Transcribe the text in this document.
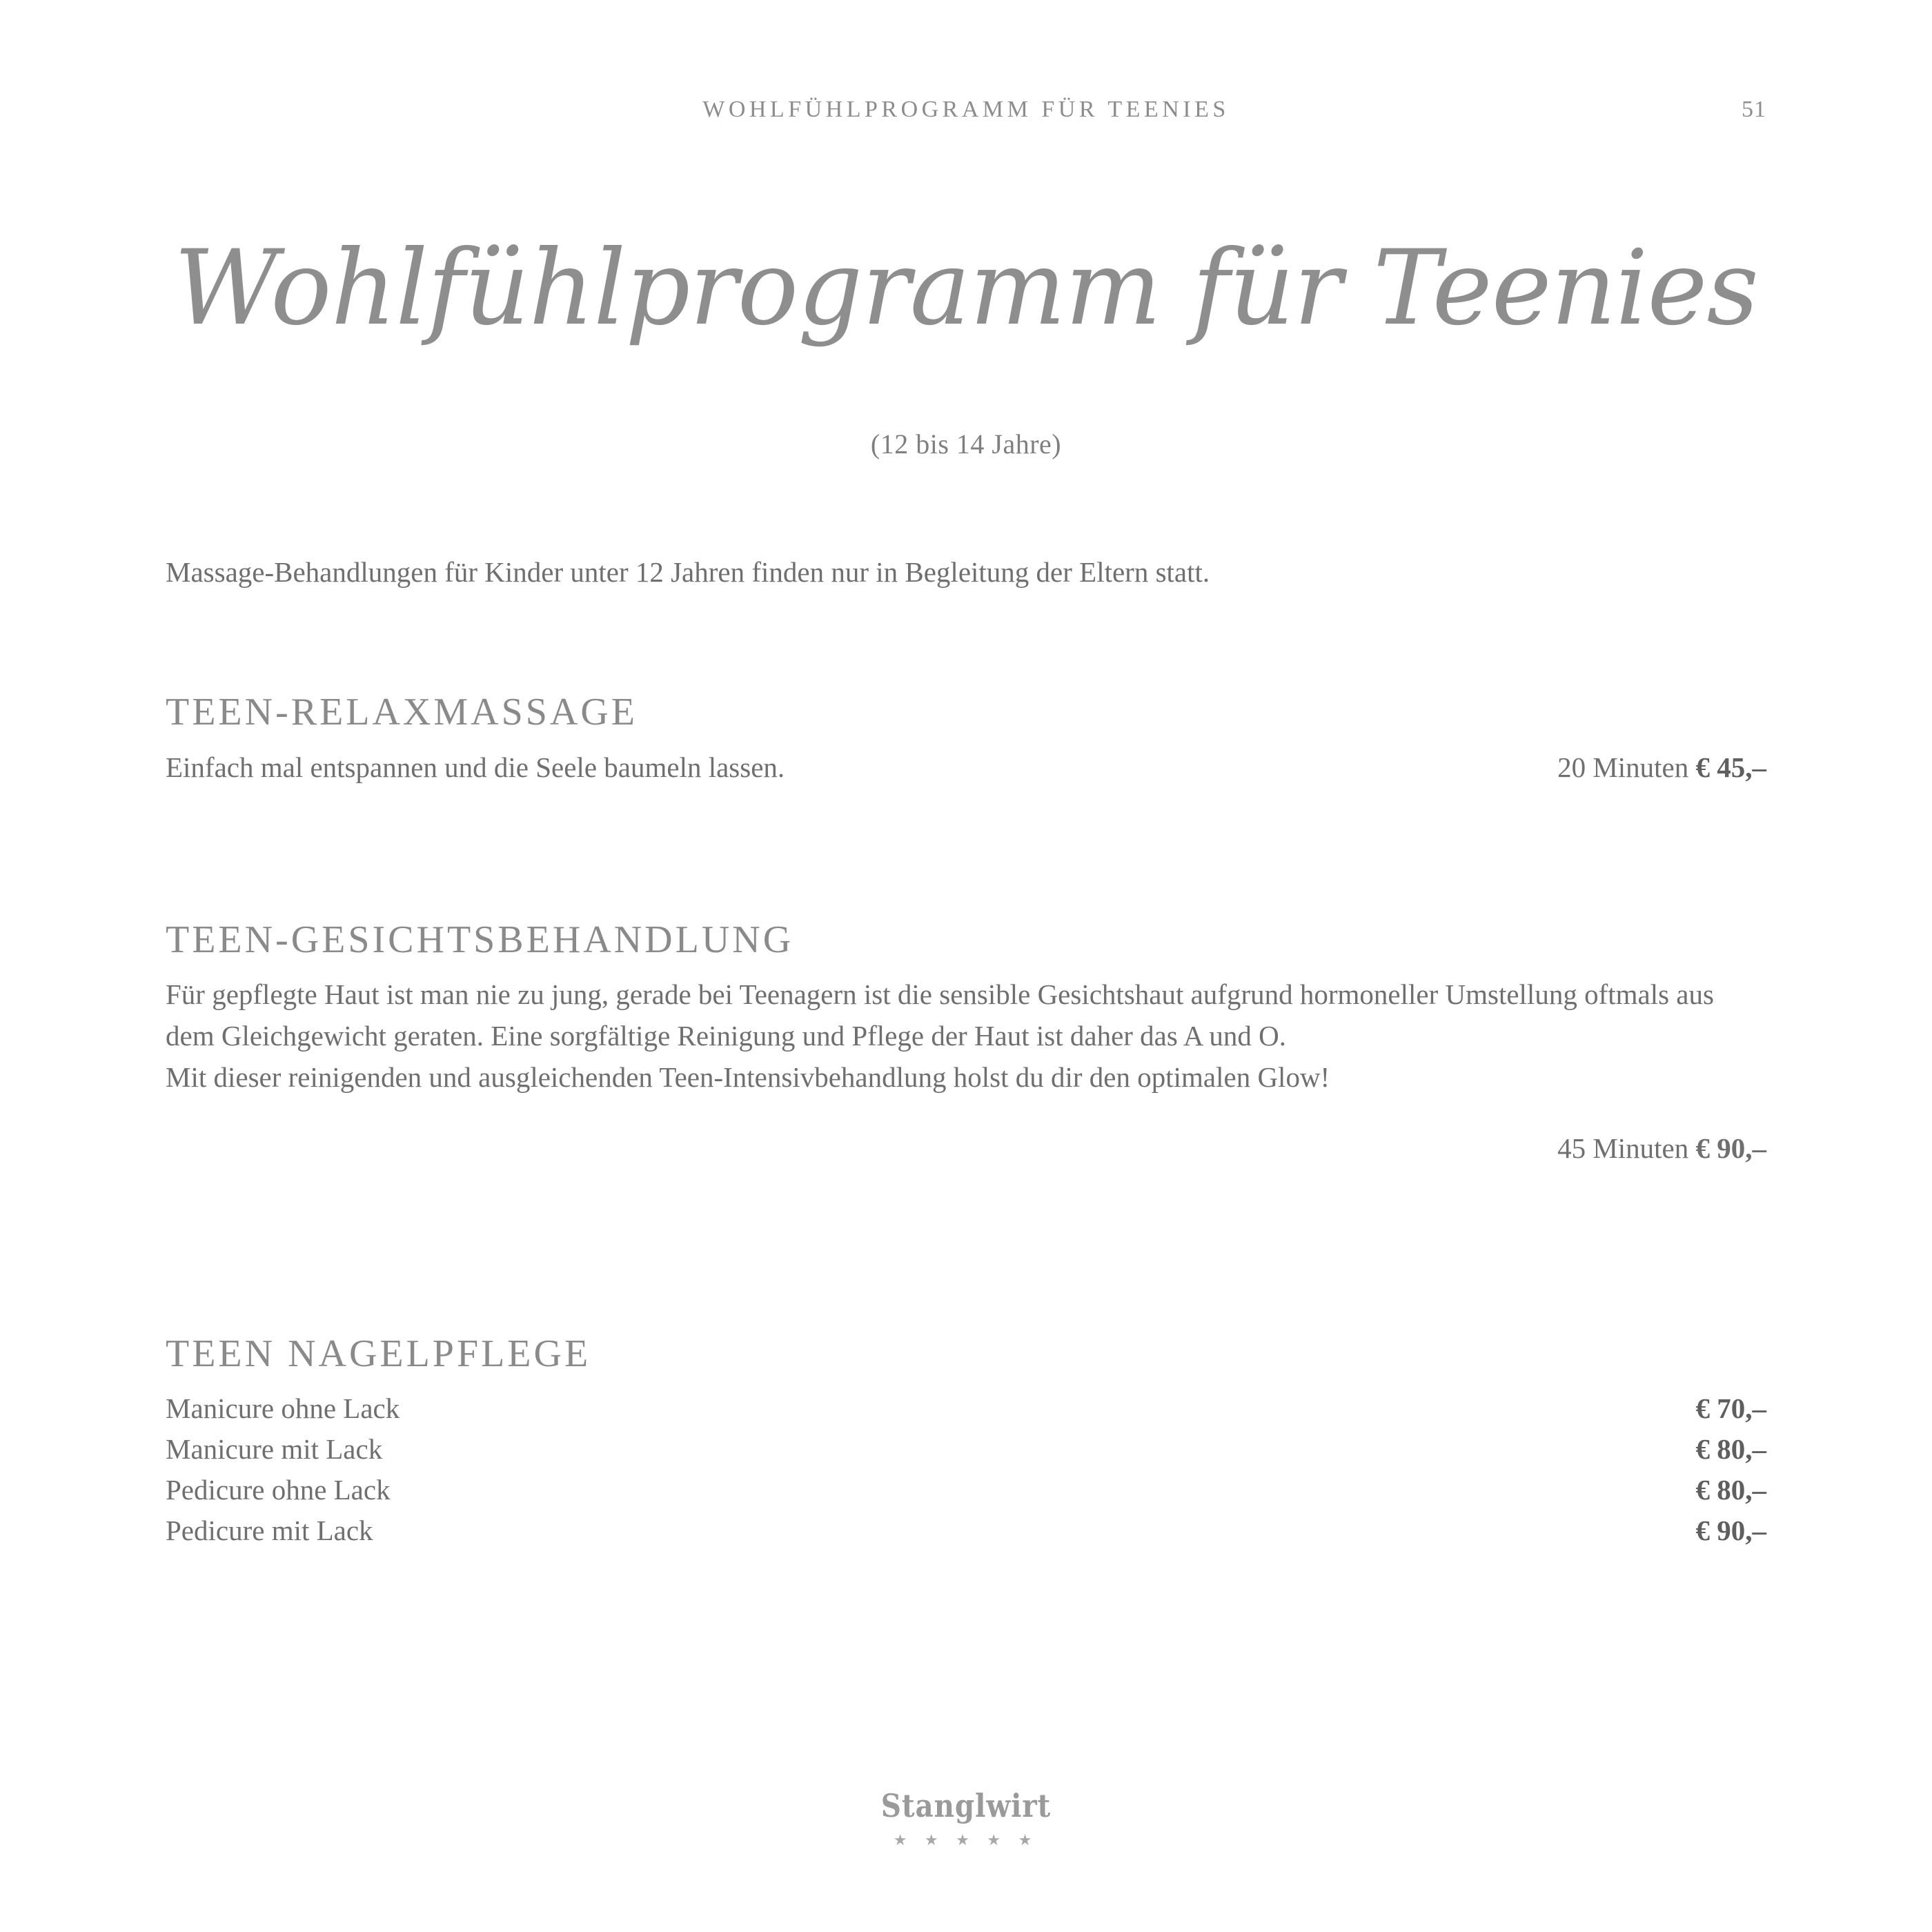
WOHLFÜHLPROGRAMM FÜR TEENIES	51
Wohlfühlprogramm für Teenies
(12 bis 14 Jahre)
Massage-Behandlungen für Kinder unter 12 Jahren finden nur in Begleitung der Eltern statt.
TEEN-RELAXMASSAGE
Einfach mal entspannen und die Seele baumeln lassen.	20 Minuten € 45,–
TEEN-GESICHTSBEHANDLUNG

Für gepflegte Haut ist man nie zu jung, gerade bei Teenagern ist die sensible Gesichtshaut aufgrund hormoneller Umstellung oftmals aus dem Gleichgewicht geraten. Eine sorgfältige Reinigung und Pflege der Haut ist daher das A und O.

Mit dieser reinigenden und ausgleichenden Teen-Intensivbehandlung holst du dir den optimalen Glow!

45 Minuten € 90,–
TEEN NAGELPFLEGE
Manicure ohne Lack	€ 70,–
Manicure mit Lack	€ 80,–
Pedicure ohne Lack	€ 80,–
Pedicure mit Lack	€ 90,–
Stanglwirt
★ ★ ★ ★ ★
